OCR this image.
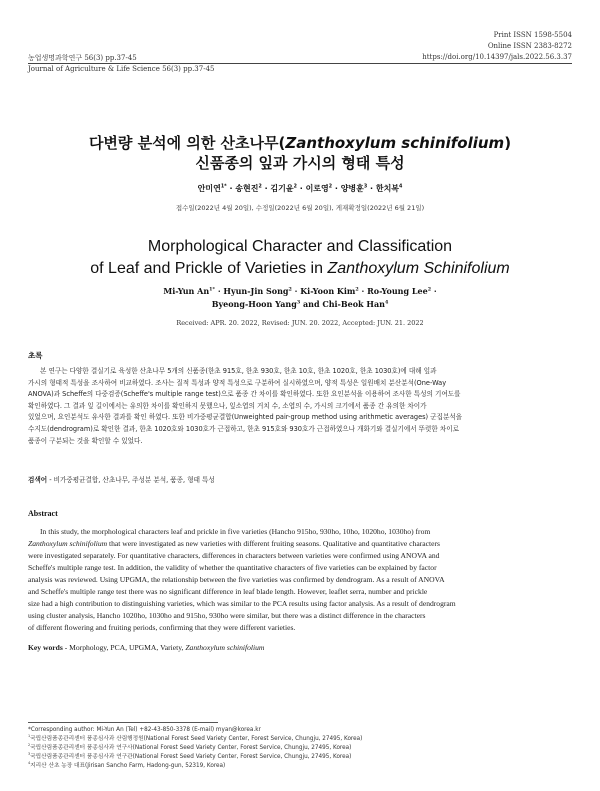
Print ISSN 1598-5504
Online ISSN 2383-8272
농업생명과학연구 56(3) pp.37-45	https://doi.org/10.14397/jals.2022.56.3.37
Journal of Agriculture & Life Science 56(3) pp.37-45
다변량 분석에 의한 산초나무(Zanthoxylum schinifolium)
신품종의 잎과 가시의 형태 특성
안미연$^{1*}$ · 송현진$^2$ · 김기윤$^2$ · 이로영$^2$ · 양병훈$^3$ · 한치복$^4$
접수일(2022년 4월 20일), 수정일(2022년 6월 20일), 게재확정일(2022년 6월 21일)
Morphological Character and Classification
of Leaf and Prickle of Varieties in Zanthoxylum Schinifolium
Mi-Yun $An^{1*}$ · Hyun-Jin Song$^2$ · Ki-Yoon Kim$^2$ · Ro-Young Lee$^2$ ·
Byeong-Hoon Yang$^3$ and Chi-Beok Han$^4$
Received: APR. 20. 2022, Revised: JUN. 20. 2022, Accepted: JUN. 21. 2022
초록
본 연구는 다양한 결실기로 육성한 산초나무 5개의 신품종(한초 915호, 한초 930호, 한초 10호, 한초 1020호, 한초 1030호)에 대해 잎과
가시의 형태적 특성을 조사하여 비교하였다. 조사는 질적 특성과 양적 특성으로 구분하여 실시하였으며, 양적 특성은 일원배치 분산분석(One-Way
ANOVA)과 Scheffe의 다중검증(Scheffe's multiple range test)으로 품종 간 차이를 확인하였다. 또한 요인분석을 이용하여 조사한 특성의 기여도를
확인하였다. 그 결과 잎 길이에서는 유의한 차이를 확인하지 못했으나, 잎소엽의 거치 수, 소엽의 수, 가시의 크기에서 품종 간 유의한 차이가
있었으며, 요인분석도 유사한 결과를 확인 하였다. 또한 비가중평균결합(Unweighted pair-group method using arithmetic averages) 군집분석을
수지도(dendrogram)로 확인한 결과, 한초 1020호와 1030호가 근접하고, 한초 915호와 930호가 근접하였으나 개화기와 결실기에서 뚜렷한 차이로
품종이 구분되는 것을 확인할 수 있었다.
검색어 - 비가중평균결합, 산초나무, 주성분 분석, 품종, 형태 특성
Abstract
In this study, the morphological characters leaf and prickle in five varieties (Hancho 915ho, 930ho, 10ho, 1020ho, 1030ho) from
Zanthoxylum schinifolium that were investigated as new varieties with different fruiting seasons. Qualitative and quantitative characters
were investigated separately. For quantitative characters, differences in characters between varieties were confirmed using ANOVA and
Scheffe's multiple range test. In addition, the validity of whether the quantitative characters of five varieties can be explained by factor
analysis was reviewed. Using UPGMA, the relationship between the five varieties was confirmed by dendrogram. As a result of ANOVA
and Scheffe's multiple range test there was no significant difference in leaf blade length. However, leaflet serra, number and prickle
size had a high contribution to distinguishing varieties, which was similar to the PCA results using factor analysis. As a result of dendrogram
using cluster analysis, Hancho 1020ho, 1030ho and 915ho, 930ho were similar, but there was a distinct difference in the characters
of different flowering and fruiting periods, confirming that they were different varieties.
Key words - Morphology, PCA, UPGMA, Variety, Zanthoxylum schinifolium
*Corresponding author: Mi-Yun An (Tel) +82-43-850-3378 (E-mail) myan@korea.kr
$^1$국립산림품종관리센터 품종심사과 산림행정원(National Forest Seed Variety Center, Forest Service, Chungju, 27495, Korea)
$^2$국립산림품종관리센터 품종심사과 연구사(National Forest Seed Variety Center, Forest Service, Chungju, 27495, Korea)
$^3$국립산림품종관리센터 품종심사과 연구관(National Forest Seed Variety Center, Forest Service, Chungju, 27495, Korea)
$^4$지리산 산초 농장 대표(Jirisan Sancho Farm, Hadong-gun, 52319, Korea)
